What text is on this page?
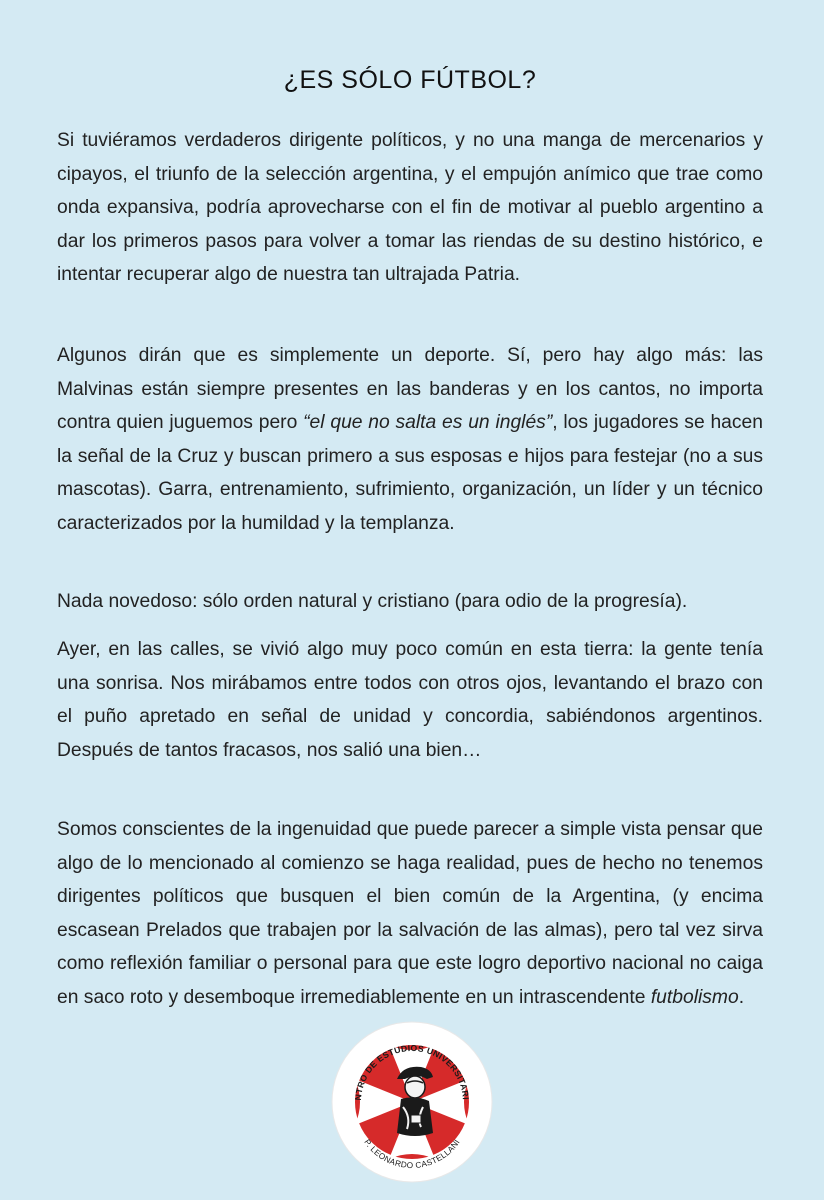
¿ES SÓLO FÚTBOL?

Si tuviéramos verdaderos dirigente políticos, y no una manga de mercenarios y cipayos, el triunfo de la selección argentina, y el empujón anímico que trae como onda expansiva, podría aprovecharse con el fin de motivar al pueblo argentino a dar los primeros pasos para volver a tomar las riendas de su destino histórico, e intentar recuperar algo de nuestra tan ultrajada Patria.

Algunos dirán que es simplemente un deporte. Sí, pero hay algo más: las Malvinas están siempre presentes en las banderas y en los cantos, no importa contra quien juguemos pero “el que no salta es un inglés”, los jugadores se hacen la señal de la Cruz y buscan primero a sus esposas e hijos para festejar (no a sus mascotas). Garra, entrenamiento, sufrimiento, organización, un líder y un técnico caracterizados por la humildad y la templanza.

Nada novedoso: sólo orden natural y cristiano (para odio de la progresía).

Ayer, en las calles, se vivió algo muy poco común en esta tierra: la gente tenía una sonrisa. Nos mirábamos entre todos con otros ojos, levantando el brazo con el puño apretado en señal de unidad y concordia, sabiéndonos argentinos. Después de tantos fracasos, nos salió una bien…

Somos conscientes de la ingenuidad que puede parecer a simple vista pensar que algo de lo mencionado al comienzo se haga realidad, pues de hecho no tenemos dirigentes políticos que busquen el bien común de la Argentina, (y encima escasean Prelados que trabajen por la salvación de las almas), pero tal vez sirva como reflexión familiar o personal para que este logro deportivo nacional no caiga en saco roto y desemboque irremediablemente en un intrascendente futbolismo.

NTRO DE ESTUDIOS UNIVERSITARI
P. LEONARDO CASTELLANI
